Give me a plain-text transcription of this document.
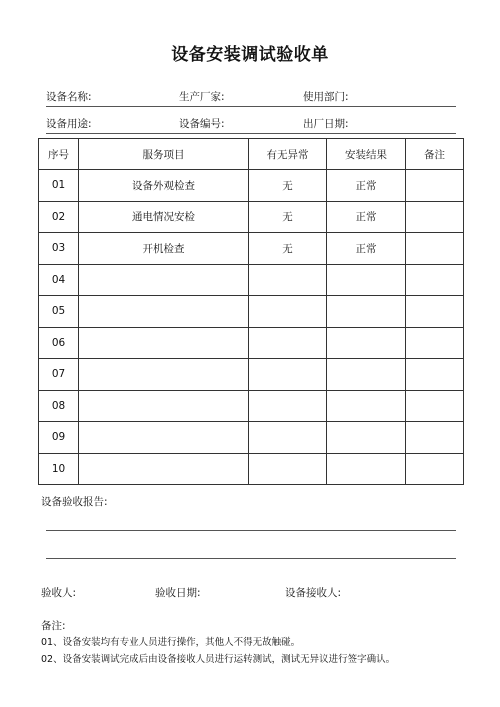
设备安装调试验收单
设备名称:	生产厂家:	使用部门:
设备用途:	设备编号:	出厂日期:
序号	服务项目	有无异常	安装结果	备注
01	设备外观检查	无	正常	
02	通电情况安检	无	正常	
03	开机检查	无	正常	
04				
05				
06				
07				
08				
09				
10				
设备验收报告:
验收人:	验收日期:	设备接收人:
备注:
01、设备安装均有专业人员进行操作，其他人不得无故触碰。
02、设备安装调试完成后由设备接收人员进行运转测试，测试无异议进行签字确认。
